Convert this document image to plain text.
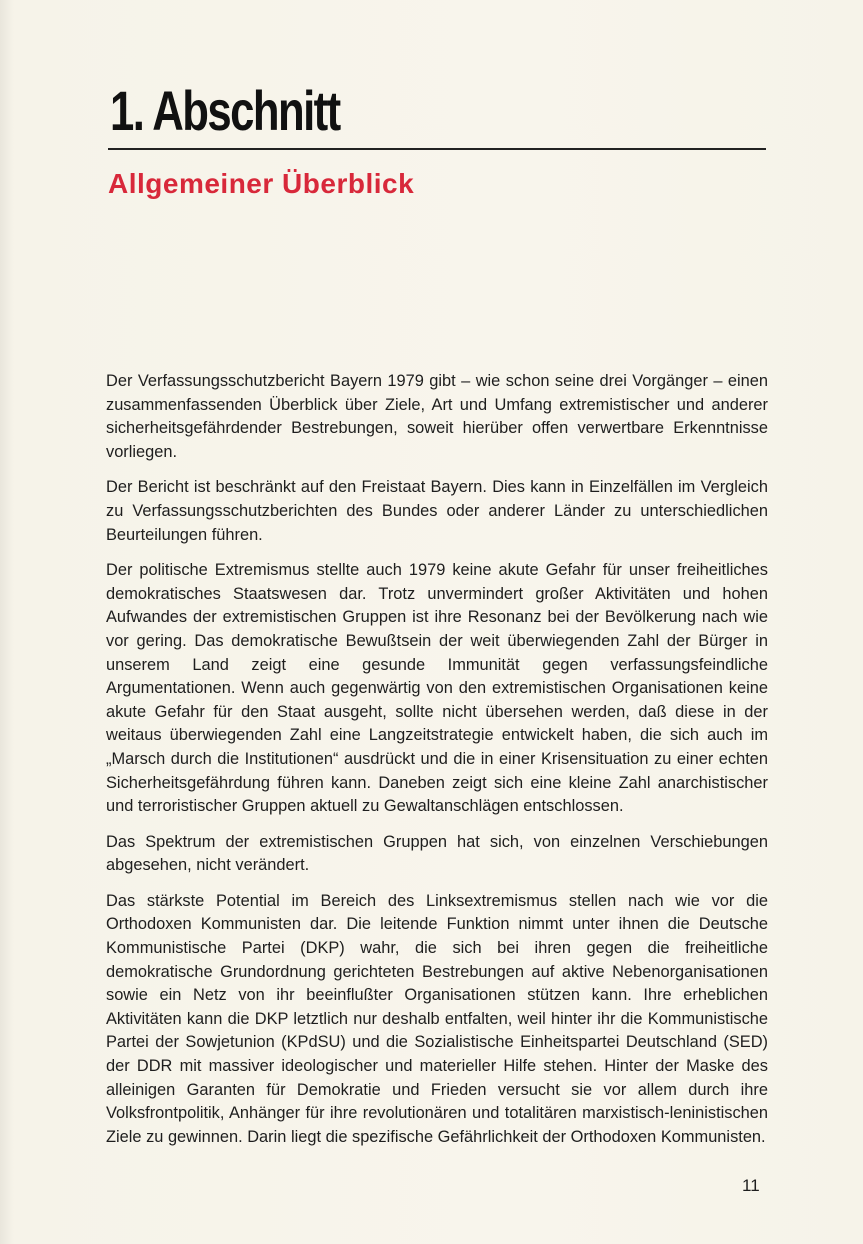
1. Abschnitt
Allgemeiner Überblick

Der Verfassungsschutzbericht Bayern 1979 gibt – wie schon seine drei Vorgänger – einen zusammenfassenden Überblick über Ziele, Art und Umfang extremistischer und anderer sicherheitsgefährdender Bestrebungen, soweit hierüber offen verwertbare Erkenntnisse vorliegen.

Der Bericht ist beschränkt auf den Freistaat Bayern. Dies kann in Einzelfällen im Vergleich zu Verfassungsschutzberichten des Bundes oder anderer Länder zu unterschiedlichen Beurteilungen führen.

Der politische Extremismus stellte auch 1979 keine akute Gefahr für unser freiheitliches demokratisches Staatswesen dar. Trotz unvermindert großer Aktivitäten und hohen Aufwandes der extremistischen Gruppen ist ihre Resonanz bei der Bevölkerung nach wie vor gering. Das demokratische Bewußtsein der weit überwiegenden Zahl der Bürger in unserem Land zeigt eine gesunde Immunität gegen verfassungsfeindliche Argumentationen. Wenn auch gegenwärtig von den extremistischen Organisationen keine akute Gefahr für den Staat ausgeht, sollte nicht übersehen werden, daß diese in der weitaus überwiegenden Zahl eine Langzeitstrategie entwickelt haben, die sich auch im „Marsch durch die Institutionen“ ausdrückt und die in einer Krisensituation zu einer echten Sicherheitsgefährdung führen kann. Daneben zeigt sich eine kleine Zahl anarchistischer und terroristischer Gruppen aktuell zu Gewaltanschlägen entschlossen.

Das Spektrum der extremistischen Gruppen hat sich, von einzelnen Verschiebungen abgesehen, nicht verändert.

Das stärkste Potential im Bereich des Linksextremismus stellen nach wie vor die Orthodoxen Kommunisten dar. Die leitende Funktion nimmt unter ihnen die Deutsche Kommunistische Partei (DKP) wahr, die sich bei ihren gegen die freiheitliche demokratische Grundordnung gerichteten Bestrebungen auf aktive Nebenorganisationen sowie ein Netz von ihr beeinflußter Organisationen stützen kann. Ihre erheblichen Aktivitäten kann die DKP letztlich nur deshalb entfalten, weil hinter ihr die Kommunistische Partei der Sowjetunion (KPdSU) und die Sozialistische Einheitspartei Deutschland (SED) der DDR mit massiver ideologischer und materieller Hilfe stehen. Hinter der Maske des alleinigen Garanten für Demokratie und Frieden versucht sie vor allem durch ihre Volksfrontpolitik, Anhänger für ihre revolutionären und totalitären marxistisch-leninistischen Ziele zu gewinnen. Darin liegt die spezifische Gefährlichkeit der Orthodoxen Kommunisten.

11
